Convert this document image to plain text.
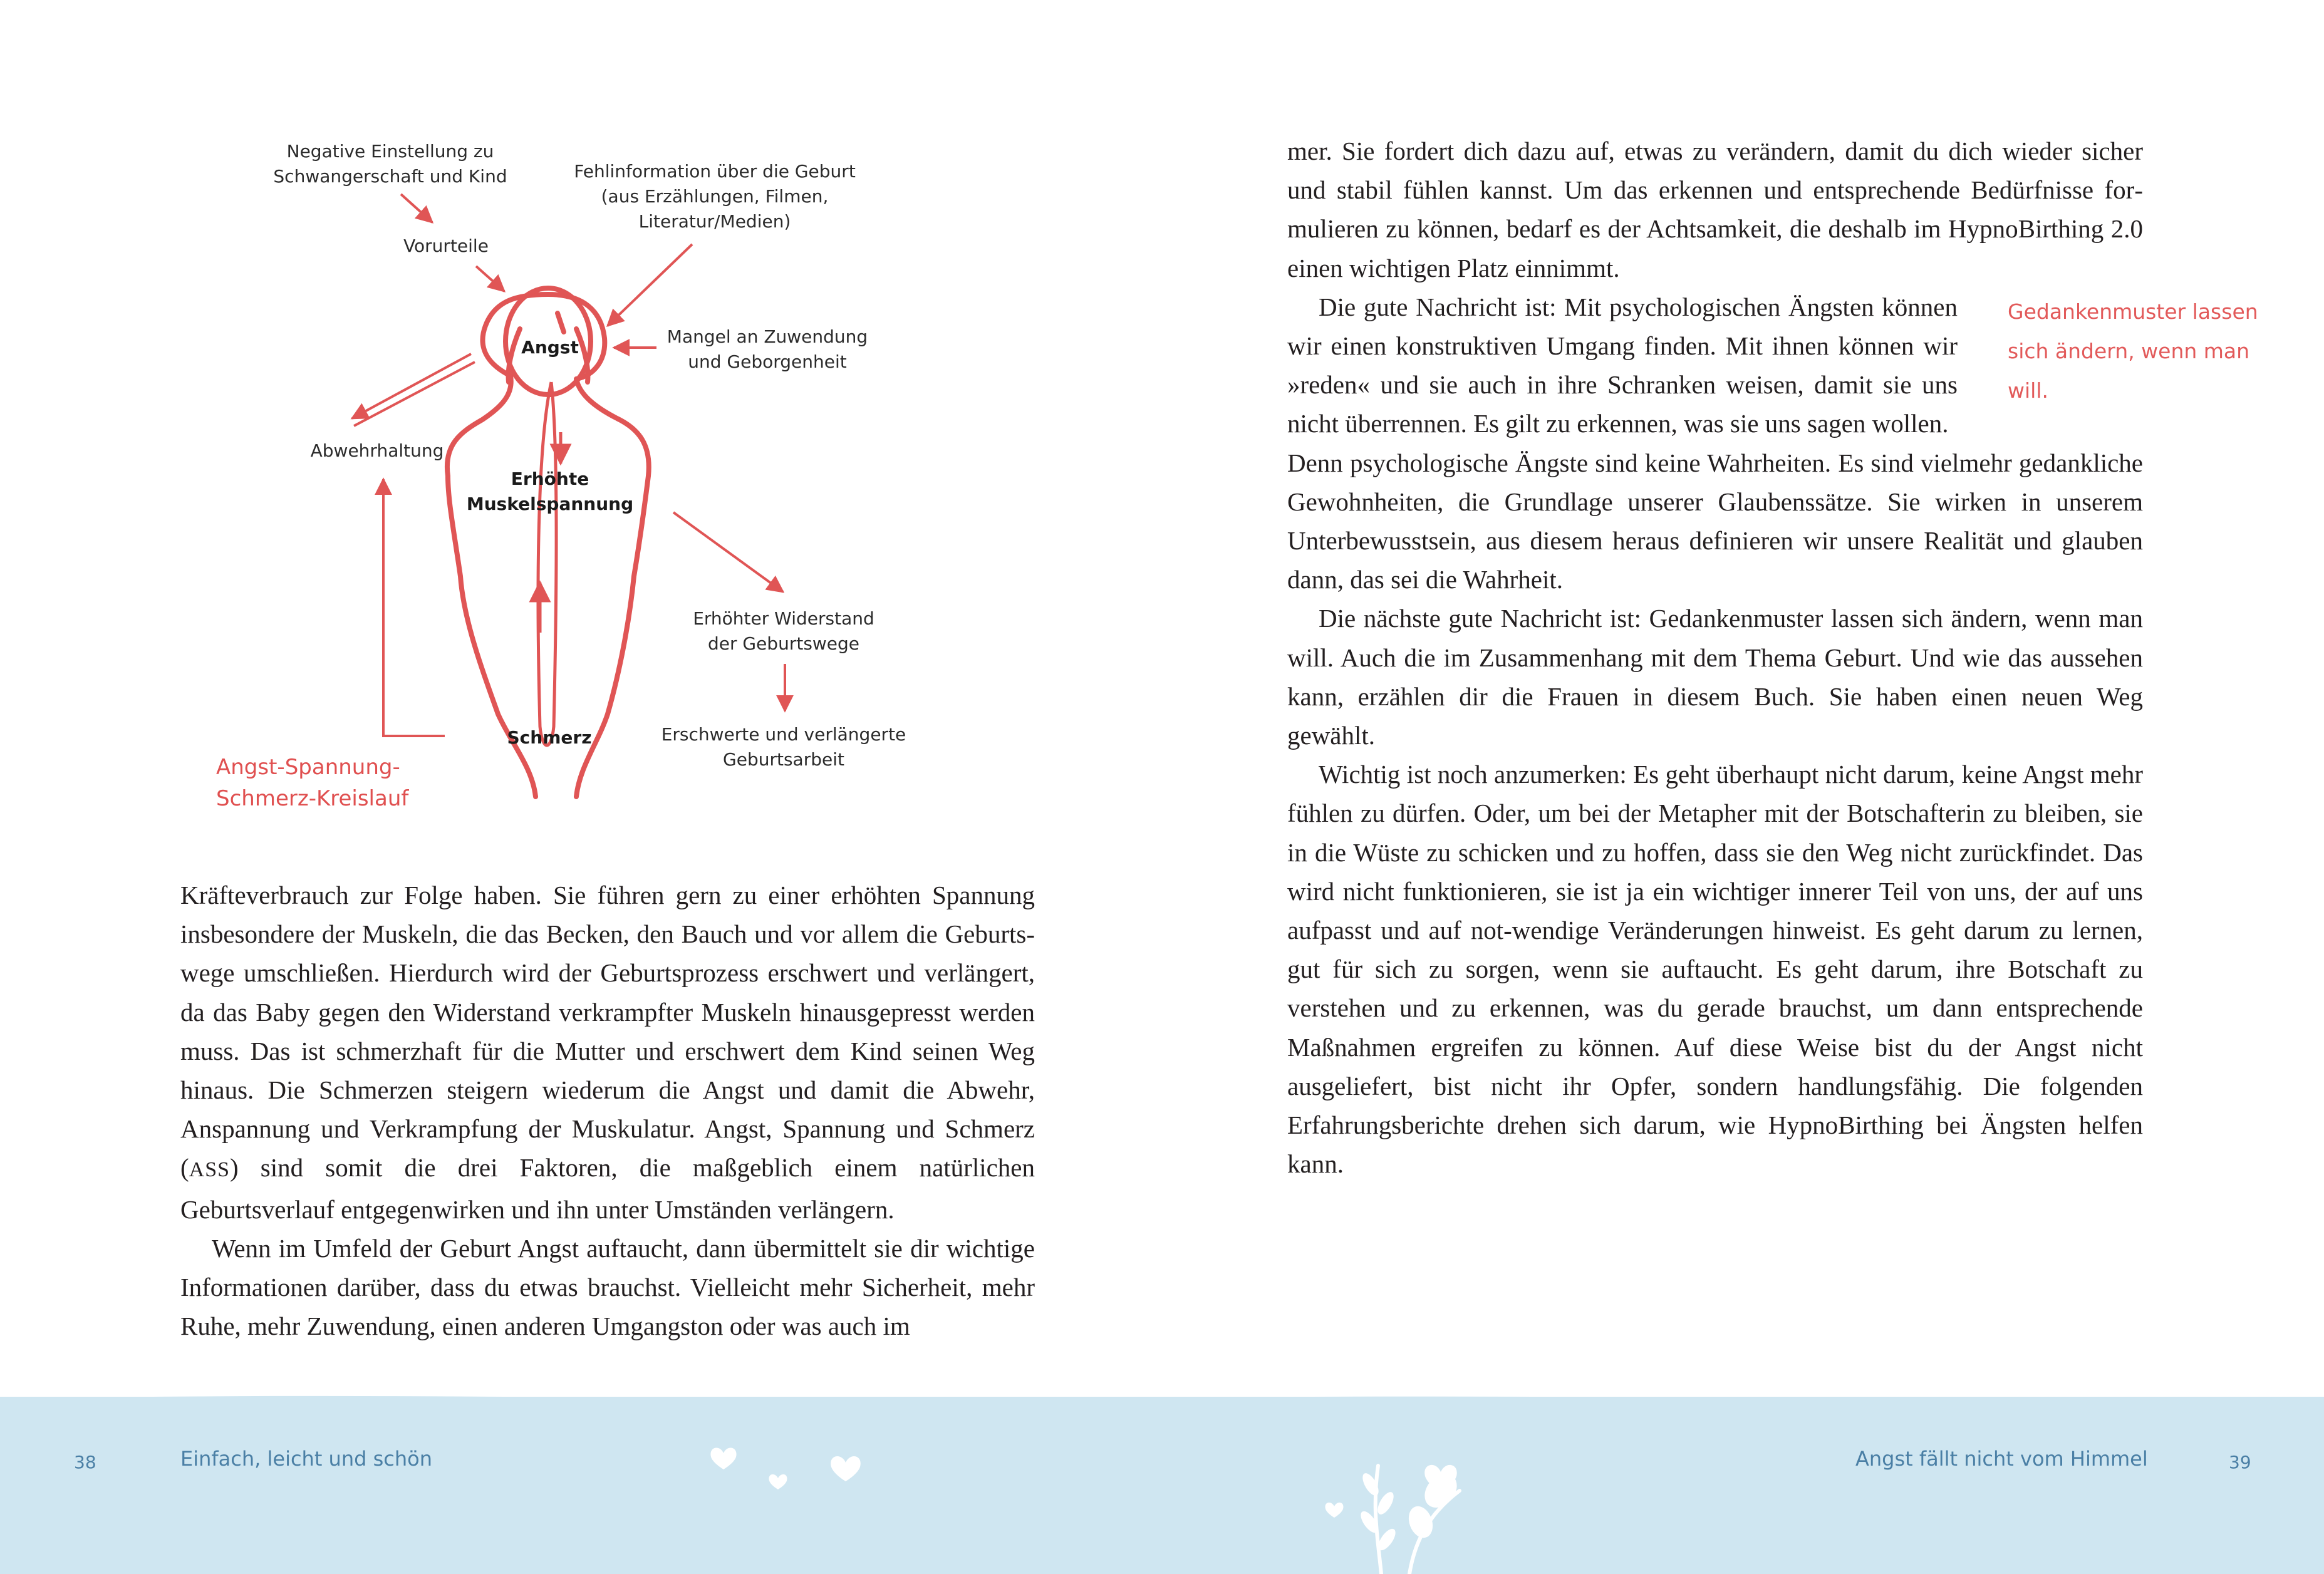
Negative Einstellung zu
Schwangerschaft und Kind
Vorurteile
Fehlinformation über die Geburt
(aus Erzählungen, Filmen,
Literatur/Medien)
Mangel an Zuwendung
und Geborgenheit
Angst
Abwehrhaltung
Erhöhte
Muskelspannung
Erhöhter Widerstand
der Geburtswege
Schmerz	Erschwerte und verlängerte
Geburtsarbeit
Angst-Spannung-
Schmerz-Kreislauf

Kräfteverbrauch zur Folge haben. Sie führen gern zu einer erhöhten Spannung insbesondere der Muskeln, die das Becken, den Bauch und vor allem die Geburtswege umschließen. Hierdurch wird der Geburtsprozess erschwert und verlängert, da das Baby gegen den Widerstand verkrampfter Muskeln hinausgepresst werden muss. Das ist schmerzhaft für die Mutter und erschwert dem Kind seinen Weg hinaus. Die Schmerzen steigern wiederum die Angst und damit die Abwehr, Anspannung und Verkrampfung der Muskulatur. Angst, Spannung und Schmerz (ASS) sind somit die drei Faktoren, die maßgeblich einem natürlichen Geburtsverlauf entgegenwirken und ihn unter Umständen verlängern.

Wenn im Umfeld der Geburt Angst auftaucht, dann übermittelt sie dir wichtige Informationen darüber, dass du etwas brauchst. Vielleicht mehr Sicherheit, mehr Ruhe, mehr Zuwendung, einen anderen Umgangston oder was auch im

mer. Sie fordert dich dazu auf, etwas zu verändern, damit du dich wieder sicher und stabil fühlen kannst. Um das erkennen und entsprechende Bedürfnisse formulieren zu können, bedarf es der Achtsamkeit, die deshalb im HypnoBirthing 2.0 einen wichtigen Platz einnimmt.

Die gute Nachricht ist: Mit psychologischen Ängsten können

wir einen konstruktiven Umgang finden. Mit ihnen können wir

»reden« und sie auch in ihre Schranken weisen, damit sie uns

nicht überrennen. Es gilt zu erkennen, was sie uns sagen wollen.

Denn psychologische Ängste sind keine Wahrheiten. Es sind vielmehr gedankliche Gewohnheiten, die Grundlage unserer Glaubenssätze. Sie wirken in unserem Unterbewusstsein, aus diesem heraus definieren wir unsere Realität und glauben dann, das sei die Wahrheit.

Die nächste gute Nachricht ist: Gedankenmuster lassen sich ändern, wenn man will. Auch die im Zusammenhang mit dem Thema Geburt. Und wie das aussehen kann, erzählen dir die Frauen in diesem Buch. Sie haben einen neuen Weg gewählt.

Wichtig ist noch anzumerken: Es geht überhaupt nicht darum, keine Angst mehr fühlen zu dürfen. Oder, um bei der Metapher mit der Botschafterin zu bleiben, sie in die Wüste zu schicken und zu hoffen, dass sie den Weg nicht zurückfindet. Das wird nicht funktionieren, sie ist ja ein wichtiger innerer Teil von uns, der auf uns aufpasst und auf not-wendige Veränderungen hinweist. Es geht darum zu lernen, gut für sich zu sorgen, wenn sie auftaucht. Es geht darum, ihre Botschaft zu verstehen und zu erkennen, was du gerade brauchst, um dann entsprechende Maßnahmen ergreifen zu können. Auf diese Weise bist du der Angst nicht ausgeliefert, bist nicht ihr Opfer, sondern handlungsfähig. Die folgenden Erfahrungsberichte drehen sich darum, wie HypnoBirthing bei Ängsten helfen kann.

Gedankenmuster lassen
sich ändern, wenn man
will.
38	Einfach, leicht und schön	Angst fällt nicht vom Himmel	39
